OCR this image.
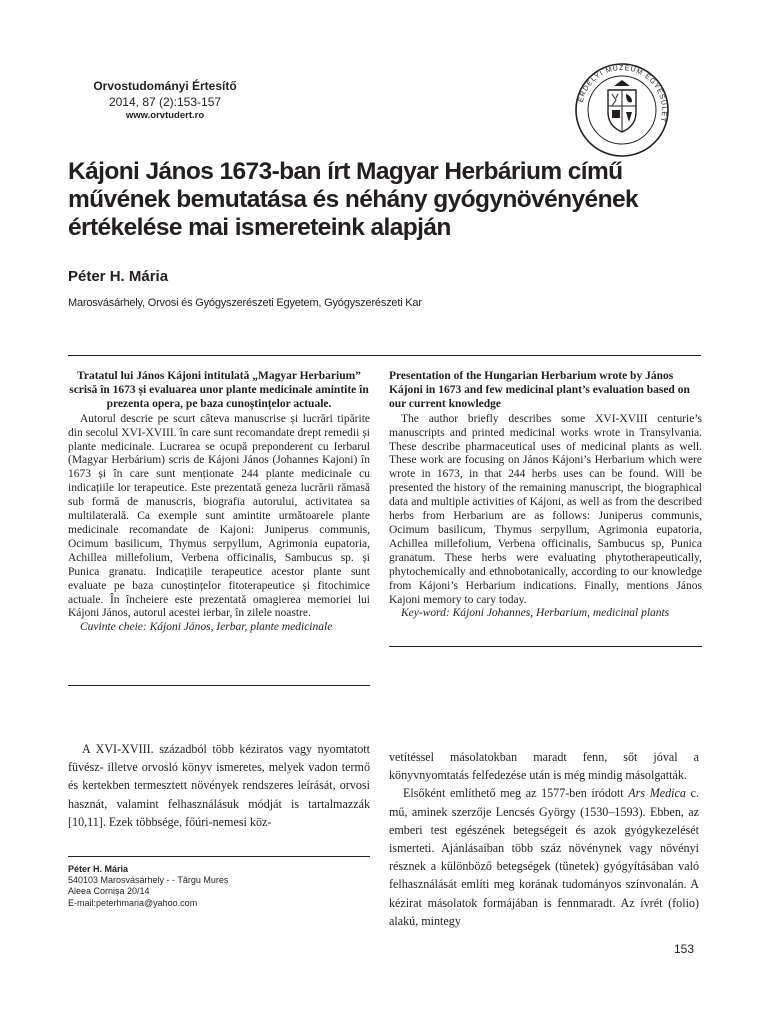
Orvostudományi Értesítő
2014, 87 (2):153-157
www.orvtudert.ro
ERDÉLYI MÚZEUM EGYESÜLET
Kájoni János 1673-ban írt Magyar Herbárium című művének bemutatása és néhány gyógynövényének értékelése mai ismereteink alapján
Péter H. Mária
Marosvásárhely, Orvosi és Gyógyszerészeti Egyetem, Gyógyszerészeti Kar
Tratatul lui János Kájoni intitulată „Magyar Herbarium” scrisă în 1673 și evaluarea unor plante medicinale amintite în prezenta opera, pe baza cunoștințelor actuale.

Autorul descrie pe scurt câteva manuscrise și lucrări tipărite din secolul XVI-XVIII. în care sunt recomandate drept remedii și plante medicinale. Lucrarea se ocupă preponderent cu Ierbarul (Magyar Herbárium) scris de Kájoni János (Johannes Kajoni) în 1673 și în care sunt menționate 244 plante medicinale cu indicațiile lor terapeutice. Este prezentată geneza lucrării rămasă sub formă de manuscris, biografia autorului, activitatea sa multilaterală. Ca exemple sunt amintite următoarele plante medicinale recomandate de Kajoni: Juniperus communis, Ocimum basilicum, Thymus serpyllum, Agrimonia eupatoria, Achillea millefolium, Verbena officinalis, Sambucus sp. și Punica granatu. Indicațiile terapeutice acestor plante sunt evaluate pe baza cunoștințelor fitoterapeutice și fitochimice actuale. În încheiere este prezentată omagierea memoriei lui Kájoni János, autorul acestei ierbar, în zilele noastre.

Cuvinte cheie: Kájoni János, Ierbar, plante medicinale

Presentation of the Hungarian Herbarium wrote by János Kájoni in 1673 and few medicinal plant’s evaluation based on our current knowledge

The author briefly describes some XVI-XVIII centurie’s manuscripts and printed medicinal works wrote in Transylvania. These describe pharmaceutical uses of medicinal plants as well. These work are focusing on János Kájoni’s Herbarium which were wrote in 1673, in that 244 herbs uses can be found. Will be presented the history of the remaining manuscript, the biographical data and multiple activities of Kájoni, as well as from the described herbs from Herbarium are as follows: Juniperus communis, Ocimum basilicum, Thymus serpyllum, Agrimonia eupatoria, Achillea millefolium, Verbena officinalis, Sambucus sp, Punica granatum. These herbs were evaluating phytotherapeutically, phytochemically and ethnobotanically, according to our knowledge from Kájoni’s Herbarium indications. Finally, mentions János Kajoni memory to cary today.

Key-word: Kájoni Johannes, Herbarium, medicinal plants

A XVI-XVIII. századból több kéziratos vagy nyomtatott füvész- illetve orvosló könyv ismeretes, melyek vadon termő és kertekben termesztett növények rendszeres leírását, orvosi hasznát, valamint felhasználásuk módját is tartalmazzák [10,11]. Ezek többsége, főúri-nemesi köz-

vetítéssel másolatokban maradt fenn, sőt jóval a könyvnyomtatás felfedezése után is még mindig másolgatták.

Elsőként említhető meg az 1577-ben íródott Ars Medica c. mű, aminek szerzője Lencsés György (1530–1593). Ebben, az emberi test egészének betegségeit és azok gyógykezelését ismerteti. Ajánlásaiban több száz növénynek vagy növényi résznek a különböző betegségek (tünetek) gyógyításában való felhasználását említi meg korának tudományos színvonalán. A kézirat másolatok formájában is fennmaradt. Az ívrét (folio) alakú, mintegy

Péter H. Mária
540103 Marosvásárhely - - Târgu Mureș
Aleea Cornișa 20/14
E-mail:peterhmaria@yahoo.com
153
